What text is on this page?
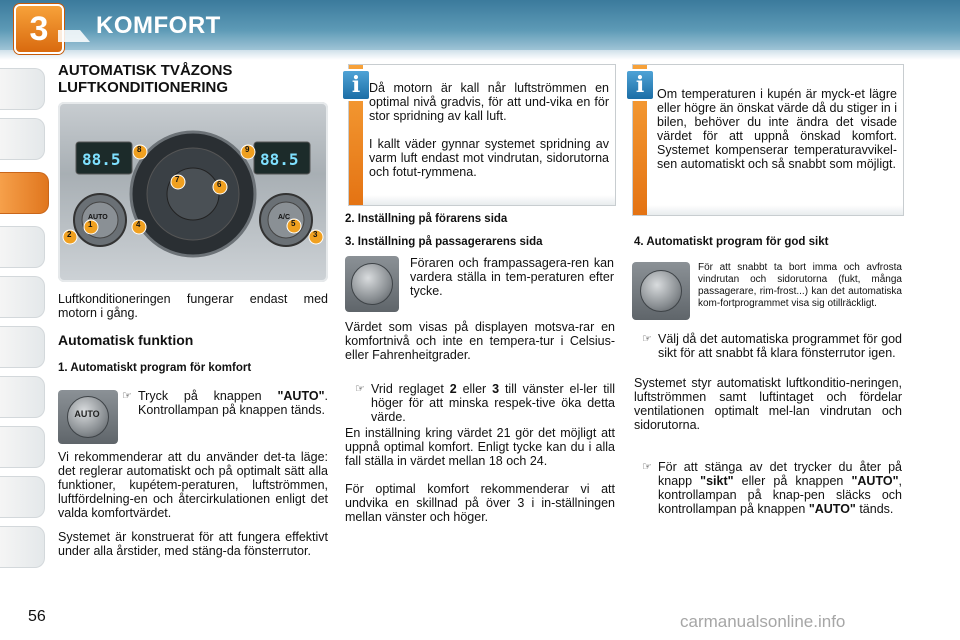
3 KOMFORT
AUTOMATISK TVÅZONS LUFTKONDITIONERING
88.5	88.5
AUTO	A/C
1
2	3
4	5
6
7
8	9

Luftkonditioneringen fungerar endast med motorn i gång.

Automatisk funktion
1. Automatiskt program för komfort
AUTO
☞ Tryck på knappen "AUTO". Kontrollampan på knappen tänds.

Vi rekommenderar att du använder det-ta läge: det reglerar automatiskt och på optimalt sätt alla funktioner, kupétem-peraturen, luftströmmen, luftfördelning-en och återcirkulationen enligt det valda komfortvärdet.

Systemet är konstruerat för att fungera effektivt under alla årstider, med stäng-da fönsterrutor.

i Då motorn är kall når luftströmmen en optimal nivå gradvis, för att und-vika en för stor spridning av kall luft.

I kallt väder gynnar systemet spridning av varm luft endast mot vindrutan, sidorutorna och fotut-rymmena.

2. Inställning på förarens sida
3. Inställning på passagerarens sida

Föraren och frampassagera-ren kan vardera ställa in tem-peraturen efter tycke.

Värdet som visas på displayen motsva-rar en komfortnivå och inte en tempera-tur i Celsius- eller Fahrenheitgrader.

☞ Vrid reglaget 2 eller 3 till vänster el-ler till höger för att minska respek-tive öka detta värde.

En inställning kring värdet 21 gör det möjligt att uppnå optimal komfort. Enligt tycke kan du i alla fall ställa in värdet mellan 18 och 24.

För optimal komfort rekommenderar vi att undvika en skillnad på över 3 i in-ställningen mellan vänster och höger.

i	Om temperaturen i kupén är myck-et lägre eller högre än önskat värde då du stiger in i bilen, behöver du inte ändra det visade värdet för att uppnå önskad komfort. Systemet kompenserar temperaturavvikel-sen automatiskt och så snabbt som möjligt.

4. Automatiskt program för god sikt

För att snabbt ta bort imma och avfrosta vindrutan och sidorutorna (fukt, många passagerare, rim-frost...) kan det automatiska kom-fortprogrammet visa sig otillräckligt.

☞ Välj då det automatiska programmet för god sikt för att snabbt få klara fönsterrutor igen.

Systemet styr automatiskt luftkonditio-neringen, luftströmmen samt luftintaget och fördelar ventilationen optimalt mel-lan vindrutan och sidorutorna.

☞ För att stänga av det trycker du åter på knapp "sikt" eller på knappen "AUTO", kontrollampan på knap-pen släcks och kontrollampan på knappen "AUTO" tänds.
56	carmanualsonline.info
